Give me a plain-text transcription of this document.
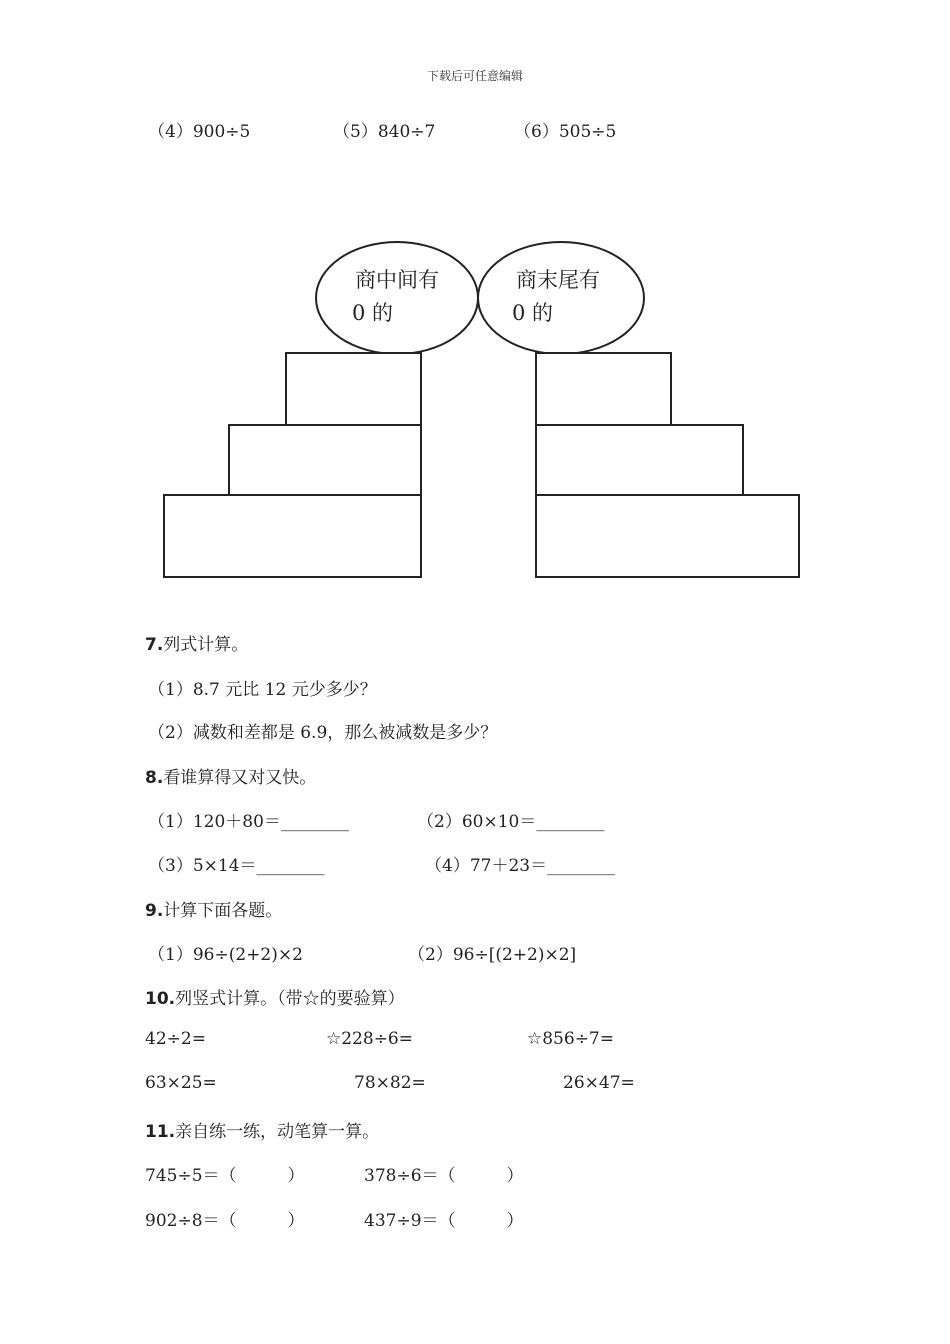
下载后可任意编辑
（4）900÷5	（5）840÷7	（6）505÷5
商中间有
0 的
商末尾有
0 的
7.列式计算。
（1）8.7 元比 12 元少多少？
（2）减数和差都是 6.9，那么被减数是多少？
8.看谁算得又对又快。
（1）120＋80＝________	（2）60×10＝________
（3）5×14＝________	（4）77＋23＝________
9.计算下面各题。
（1）96÷(2+2)×2	（2）96÷[(2+2)×2]
10.列竖式计算。（带☆的要验算）
42÷2=	☆228÷6=	☆856÷7=
63×25=	78×82=	26×47=
11.亲自练一练，动笔算一算。
745÷5＝（　　　）	378÷6＝（　　　）
902÷8＝（　　　）	437÷9＝（　　　）
